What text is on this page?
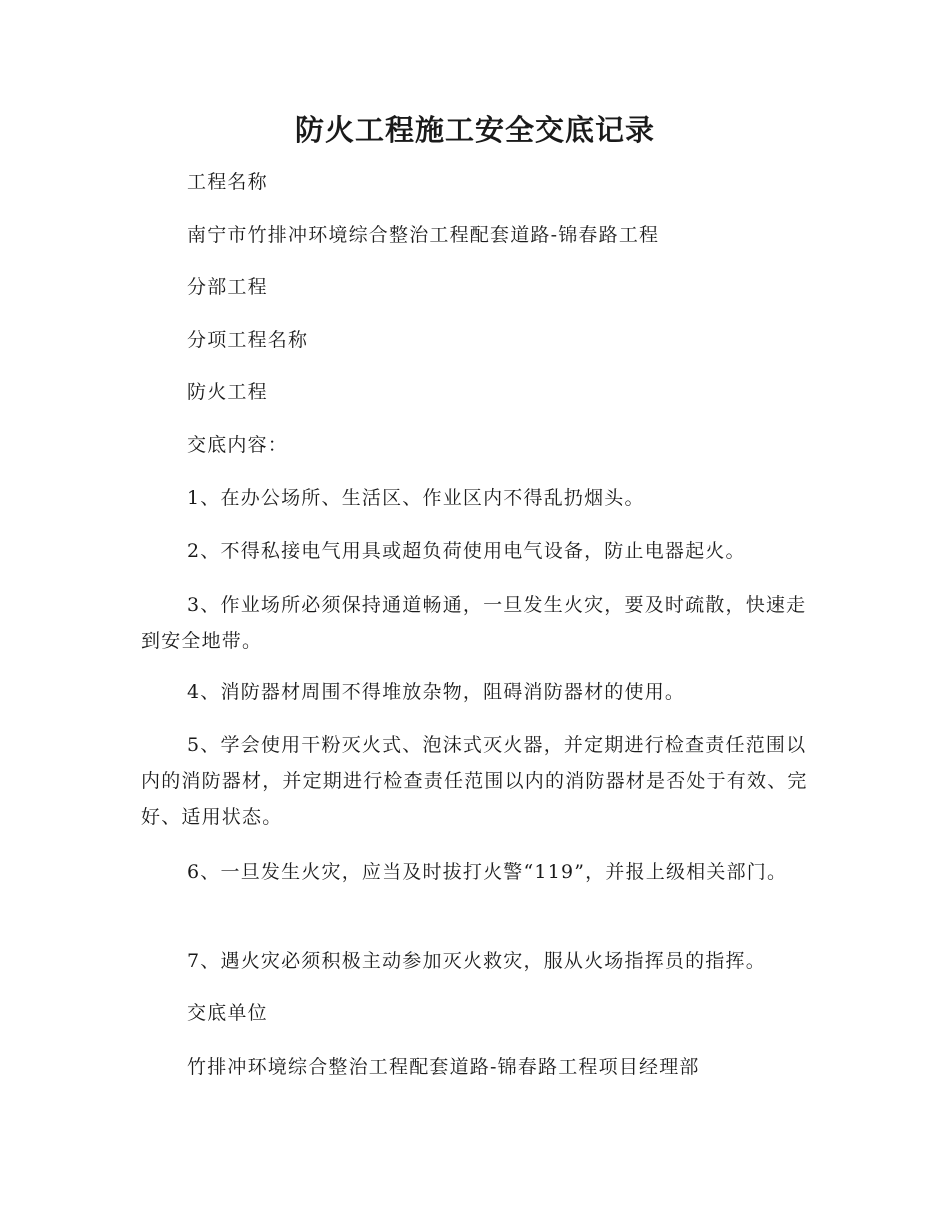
防火工程施工安全交底记录

工程名称

南宁市竹排冲环境综合整治工程配套道路-锦春路工程

分部工程

分项工程名称

防火工程

交底内容：

1、在办公场所、生活区、作业区内不得乱扔烟头。

2、不得私接电气用具或超负荷使用电气设备，防止电器起火。

3、作业场所必须保持通道畅通，一旦发生火灾，要及时疏散，快速走到安全地带。

4、消防器材周围不得堆放杂物，阻碍消防器材的使用。

5、学会使用干粉灭火式、泡沫式灭火器，并定期进行检查责任范围以内的消防器材，并定期进行检查责任范围以内的消防器材是否处于有效、完好、适用状态。

6、一旦发生火灾，应当及时拔打火警“119”，并报上级相关部门。

7、遇火灾必须积极主动参加灭火救灾，服从火场指挥员的指挥。

交底单位

竹排冲环境综合整治工程配套道路-锦春路工程项目经理部
